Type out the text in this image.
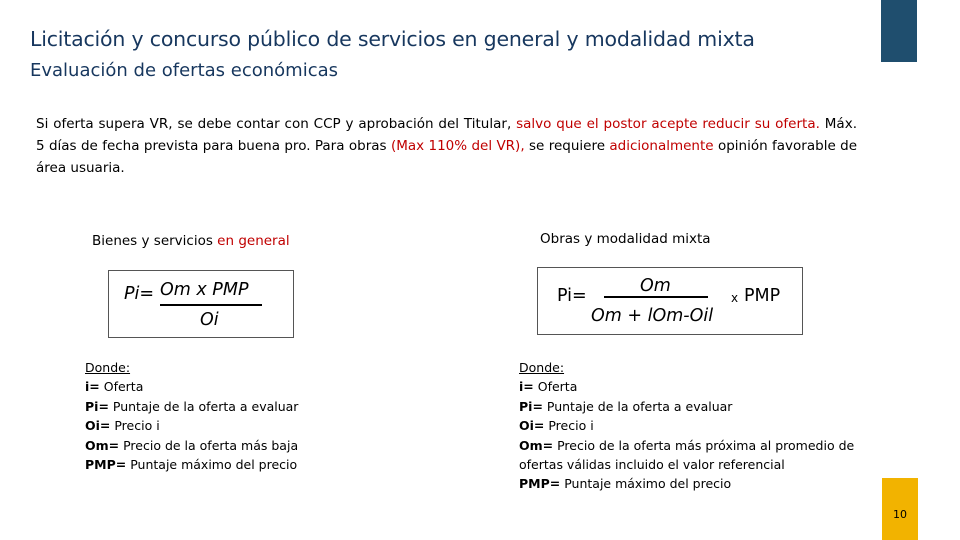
Licitación y concurso público de servicios en general y modalidad mixta
Evaluación de ofertas económicas
Si oferta supera VR, se debe contar con CCP y aprobación del Titular, salvo que el postor acepte reducir su oferta. Máx. 5 días de fecha prevista para buena pro. Para obras (Max 110% del VR), se requiere adicionalmente opinión favorable de área usuaria.
Bienes y servicios en general
Pi= Om x PMP
Oi
Donde:
i= Oferta
Pi= Puntaje de la oferta a evaluar
Oi= Precio i
Om= Precio de la oferta más baja
PMP= Puntaje máximo del precio
Obras y modalidad mixta
Pi=	Om
Om + lOm-Oil
x PMP
Donde:
i= Oferta
Pi= Puntaje de la oferta a evaluar
Oi= Precio i
Om= Precio de la oferta más próxima al promedio de ofertas válidas incluido el valor referencial
PMP= Puntaje máximo del precio
10
